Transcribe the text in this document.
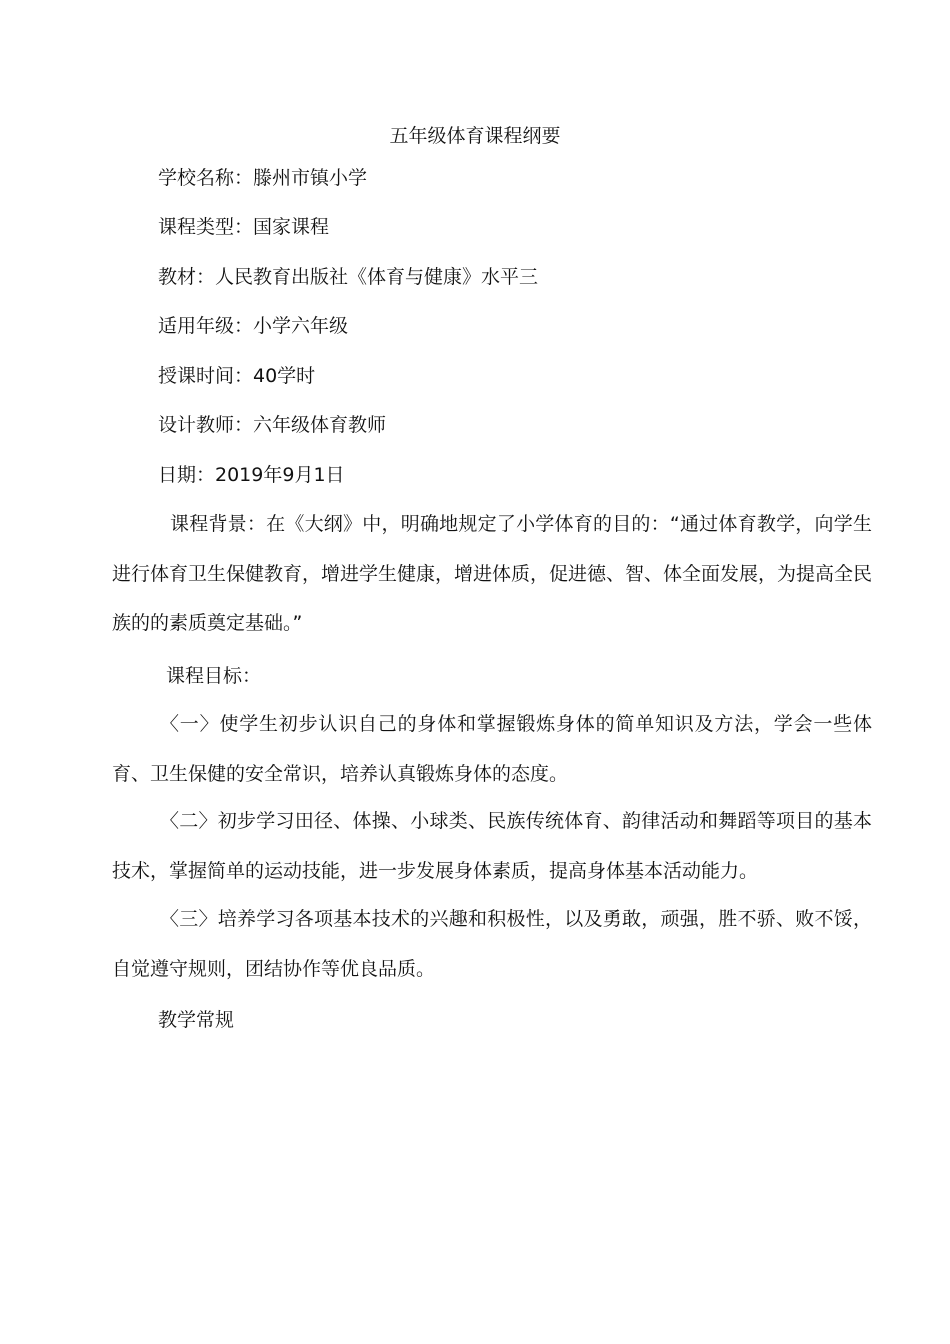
五年级体育课程纲要
学校名称：滕州市镇小学
课程类型：国家课程
教材：人民教育出版社《体育与健康》水平三
适用年级：小学六年级
授课时间：40学时
设计教师：六年级体育教师
日期：2019年9月1日
课程背景：在《大纲》中，明确地规定了小学体育的目的：“通过体育教学，向学生进行体育卫生保健教育，增进学生健康，增进体质，促进德、智、体全面发展，为提高全民族的的素质奠定基础。”
课程目标：
〈一〉使学生初步认识自己的身体和掌握锻炼身体的简单知识及方法，学会一些体育、卫生保健的安全常识，培养认真锻炼身体的态度。
〈二〉初步学习田径、体操、小球类、民族传统体育、韵律活动和舞蹈等项目的基本技术，掌握简单的运动技能，进一步发展身体素质，提高身体基本活动能力。
〈三〉培养学习各项基本技术的兴趣和积极性，以及勇敢，顽强，胜不骄、败不馁，自觉遵守规则，团结协作等优良品质。
教学常规
